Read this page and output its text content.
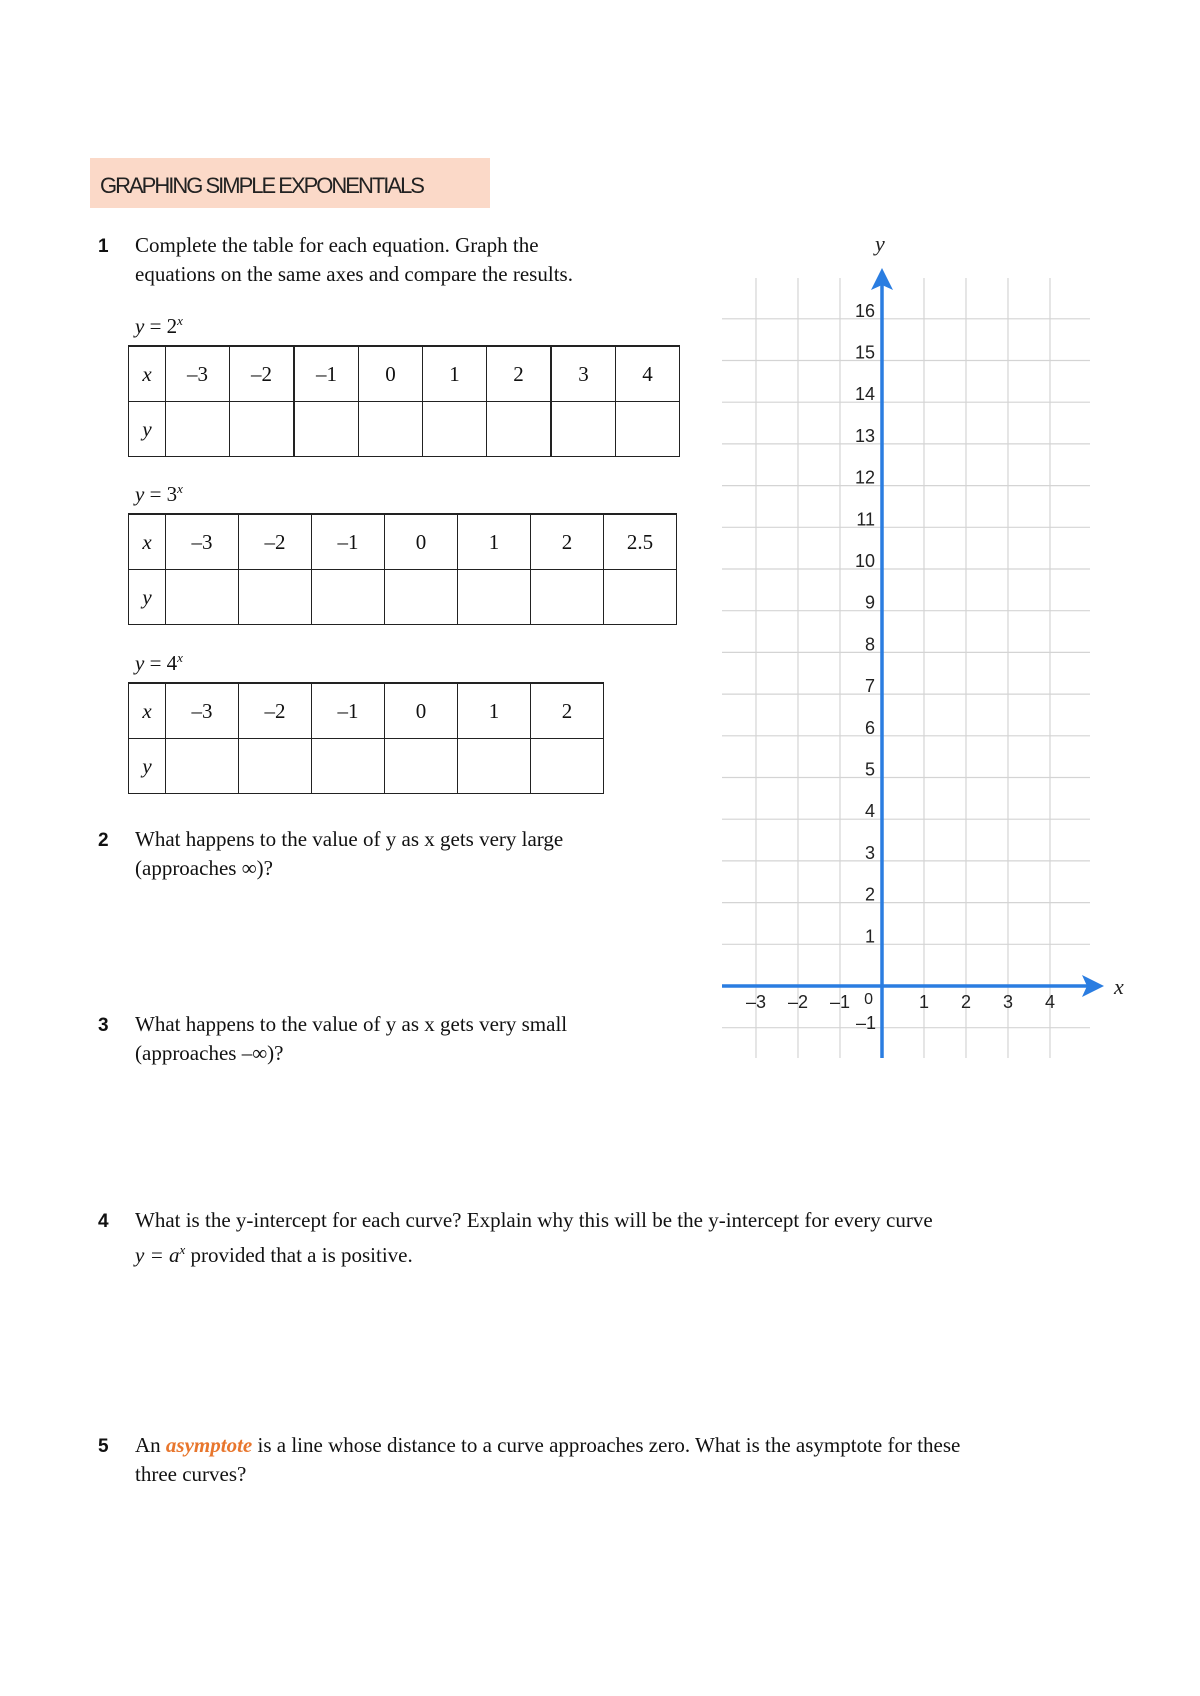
GRAPHING SIMPLE EXPONENTIALS
1 Complete the table for each equation. Graph the
equations on the same axes and compare the results.
$y = 2^x$
$y = 3^x$
$y = 4^x$
x	–3	–2	–1	0	1	2	3	4
y								
x	–3	–2	–1	0	1	2	2.5
y							
x	–3	–2	–1	0	1	2
y						
2 What happens to the value of y as x gets very large
(approaches ∞)?
3 What happens to the value of y as x gets very small
(approaches –∞)?
4 What is the y-intercept for each curve? Explain why this will be the y-intercept for every curve
$y = a^x$ provided that a is positive.
5 An asymptote is a line whose distance to a curve approaches zero. What is the asymptote for these
three curves?
x
y
–3 –2 –1	1 2 3 4
16
15
14
13
12
11
10
9
8
7
6
5
4
3
2
1
–1
0
